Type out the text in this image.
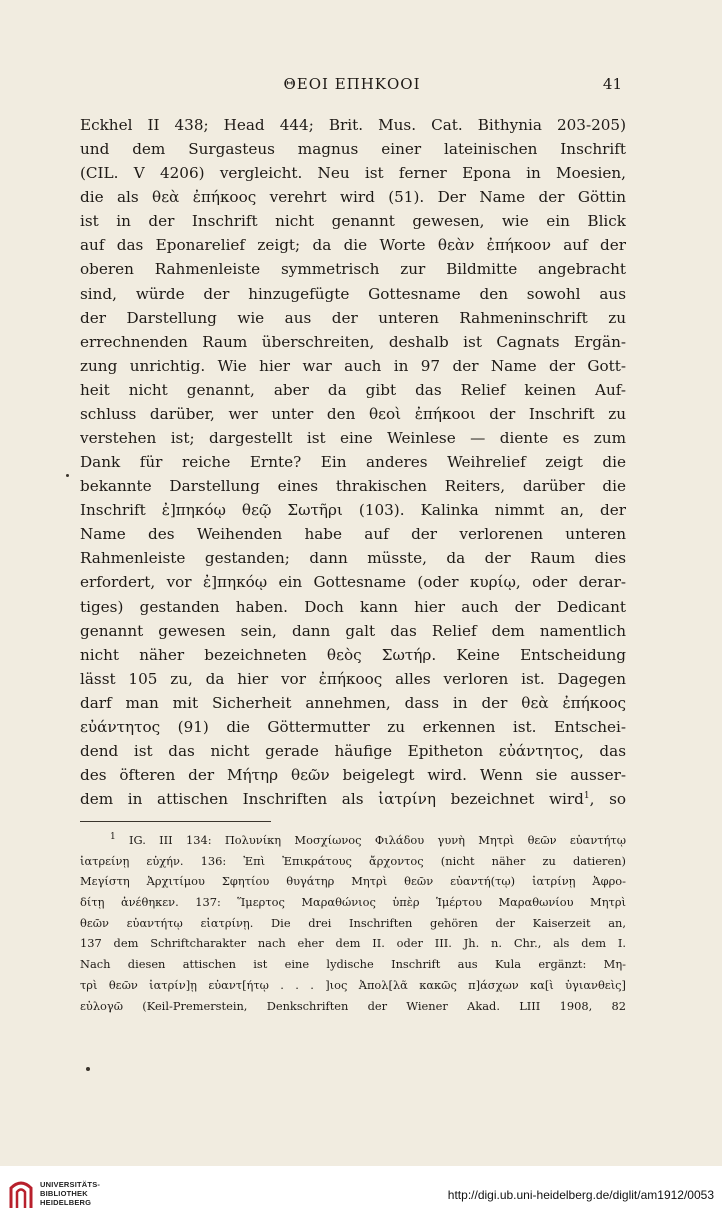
ΘΕΟΙ ΕΠΗΚΟΟΙ	41
Eckhel II 438; Head 444; Brit. Mus. Cat. Bithynia 203-205)
und dem Surgasteus magnus einer lateinischen Inschrift
(CIL. V 4206) vergleicht. Neu ist ferner Epona in Moesien,
die als θεὰ ἐπήκοος verehrt wird (51). Der Name der Göttin
ist in der Inschrift nicht genannt gewesen, wie ein Blick
auf das Eponarelief zeigt; da die Worte θεὰν ἐπήκοον auf der
oberen Rahmenleiste symmetrisch zur Bildmitte angebracht
sind, würde der hinzugefügte Gottesname den sowohl aus
der Darstellung wie aus der unteren Rahmeninschrift zu
errechnenden Raum überschreiten, deshalb ist Cagnats Ergän-
zung unrichtig. Wie hier war auch in 97 der Name der Gott-
heit nicht genannt, aber da gibt das Relief keinen Auf-
schluss darüber, wer unter den θεοὶ ἐπήκοοι der Inschrift zu
verstehen ist; dargestellt ist eine Weinlese — diente es zum
Dank für reiche Ernte? Ein anderes Weihrelief zeigt die
bekannte Darstellung eines thrakischen Reiters, darüber die
Inschrift ἐ]πηκόῳ θεῷ Σωτῆρι (103). Kalinka nimmt an, der
Name des Weihenden habe auf der verlorenen unteren
Rahmenleiste gestanden; dann müsste, da der Raum dies
erfordert, vor ἐ]πηκόῳ ein Gottesname (oder κυρίῳ, oder derar-
tiges) gestanden haben. Doch kann hier auch der Dedicant
genannt gewesen sein, dann galt das Relief dem namentlich
nicht näher bezeichneten θεὸς Σωτήρ. Keine Entscheidung
lässt 105 zu, da hier vor ἐπήκοος alles verloren ist. Dagegen
darf man mit Sicherheit annehmen, dass in der θεὰ ἐπήκοος
εὐάντητος (91) die Göttermutter zu erkennen ist. Entschei-
dend ist das nicht gerade häufige Epitheton εὐάντητος, das
des öfteren der Μήτηρ θεῶν beigelegt wird. Wenn sie ausser-
dem in attischen Inschriften als ἰατρίνη bezeichnet wird$^1$, so
$^1$ IG. III 134: Πολυνίκη Μοσχίωνος Φιλάδου γυνὴ Μητρὶ θεῶν εὐαντήτῳ
ἰατρείνῃ εὐχήν. 136: Ἐπὶ Ἐπικράτους ἄρχοντος (nicht näher zu datieren)
Μεγίστη Ἀρχιτίμου Σφητίου θυγάτηρ Μητρὶ θεῶν εὐαντή(τῳ) ἰατρίνῃ Ἀφρο-
δίτῃ ἀνέθηκεν. 137: Ἵμερτος Μαραθώνιος ὑπὲρ Ἱμέρτου Μαραθωνίου Μητρὶ
θεῶν εὐαντήτῳ εἰατρίνῃ. Die drei Inschriften gehören der Kaiserzeit an,
137 dem Schriftcharakter nach eher dem II. oder III. Jh. n. Chr., als dem I.
Nach diesen attischen ist eine lydische Inschrift aus Kula ergänzt: Μη-
τρὶ θεῶν ἰατρίν]ῃ εὐαντ[ήτῳ . . . ]ιος Ἀπολ[λᾶ κακῶς π]άσχων κα[ὶ ὑγιανθεὶς]
εὐλογῶ (Keil-Premerstein, Denkschriften der Wiener Akad. LIII 1908, 82
UNIVERSITÄTS-
BIBLIOTHEK
HEIDELBERG
http://digi.ub.uni-heidelberg.de/diglit/am1912/0053
